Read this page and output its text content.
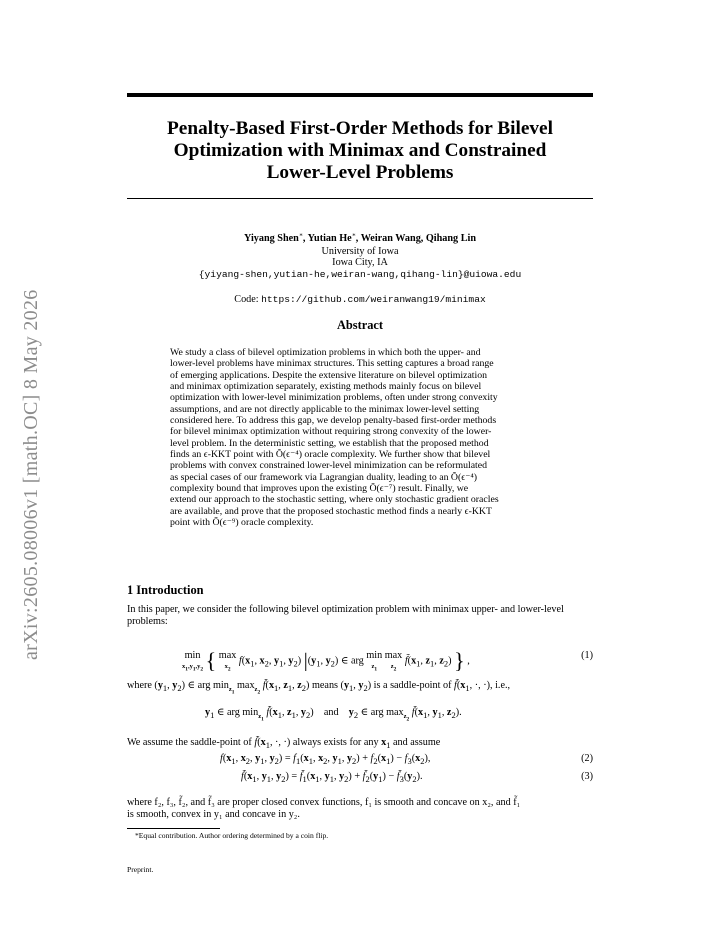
arXiv:2605.08006v1 [math.OC] 8 May 2026
Penalty-Based First-Order Methods for Bilevel
Optimization with Minimax and Constrained
Lower-Level Problems
Yiyang Shen∗, Yutian He∗, Weiran Wang, Qihang Lin
University of Iowa
Iowa City, IA
{yiyang-shen,yutian-he,weiran-wang,qihang-lin}@uiowa.edu
Code: https://github.com/weiranwang19/minimax
Abstract
We study a class of bilevel optimization problems in which both the upper- and
lower-level problems have minimax structures. This setting captures a broad range
of emerging applications. Despite the extensive literature on bilevel optimization
and minimax optimization separately, existing methods mainly focus on bilevel
optimization with lower-level minimization problems, often under strong convexity
assumptions, and are not directly applicable to the minimax lower-level setting
considered here. To address this gap, we develop penalty-based first-order methods
for bilevel minimax optimization without requiring strong convexity of the lower-
level problem. In the deterministic setting, we establish that the proposed method
finds an ϵ-KKT point with Õ(ϵ⁻⁴) oracle complexity. We further show that bilevel
problems with convex constrained lower-level minimization can be reformulated
as special cases of our framework via Lagrangian duality, leading to an Õ(ϵ⁻⁴)
complexity bound that improves upon the existing Õ(ϵ⁻⁷) result. Finally, we
extend our approach to the stochastic setting, where only stochastic gradient oracles
are available, and prove that the proposed stochastic method finds a nearly ϵ-KKT
point with Õ(ϵ⁻⁹) oracle complexity.
1 Introduction
In this paper, we consider the following bilevel optimization problem with minimax upper- and lower-level problems:
min
$x_1,y_1,y_2$ { max
$x_2$ $f(x_1$, $x_2$, $y_1$, $y_2$) $|(y_1$, $y_2$) ∈ arg min
$z_1$ max
$z_2$ $f̃(x_1$, $z_1$, $z_2$) } ,	(1)
where ($y_1$, $y_2$) ∈ arg $\min_{z_1} \max_{z_2}$ $f̃(x_1$, $z_1$, $z_2$) means ($y_1$, $y_2$) is a saddle-point of $f̃(x_1$, ·, ·), i.e.,
$y_1$ ∈ arg $\min_{z_1}$ $f̃(x_1$, $z_1$, $y_2$)    and $y_2$ ∈ arg $\max_{z_2}$ $f̃(x_1$, $y_1$, $z_2$).
We assume the saddle-point of $f̃(x_1$, ·, ·) always exists for any $x_1$ and assume
$f(x_1$, $x_2$, $y_1$, $y_2) = f_1(x_1$, $x_2$, $y_1$, $y_2) + f_2(x_1) - f_3(x_2)$,	(2)
$f̃(x_1$, $y_1$, $y_2$) = $f̃_1(x_1$, $y_1$, $y_2$) + $f̃_2(y_1)$ − $f̃_3(y_2)$.	(3)
where f₂, f₃, f̃₂, and f̃₃ are proper closed convex functions, f₁ is smooth and concave on x₂, and f̃₁
is smooth, convex in y₁ and concave in y₂.
*Equal contribution. Author ordering determined by a coin flip.
Preprint.
